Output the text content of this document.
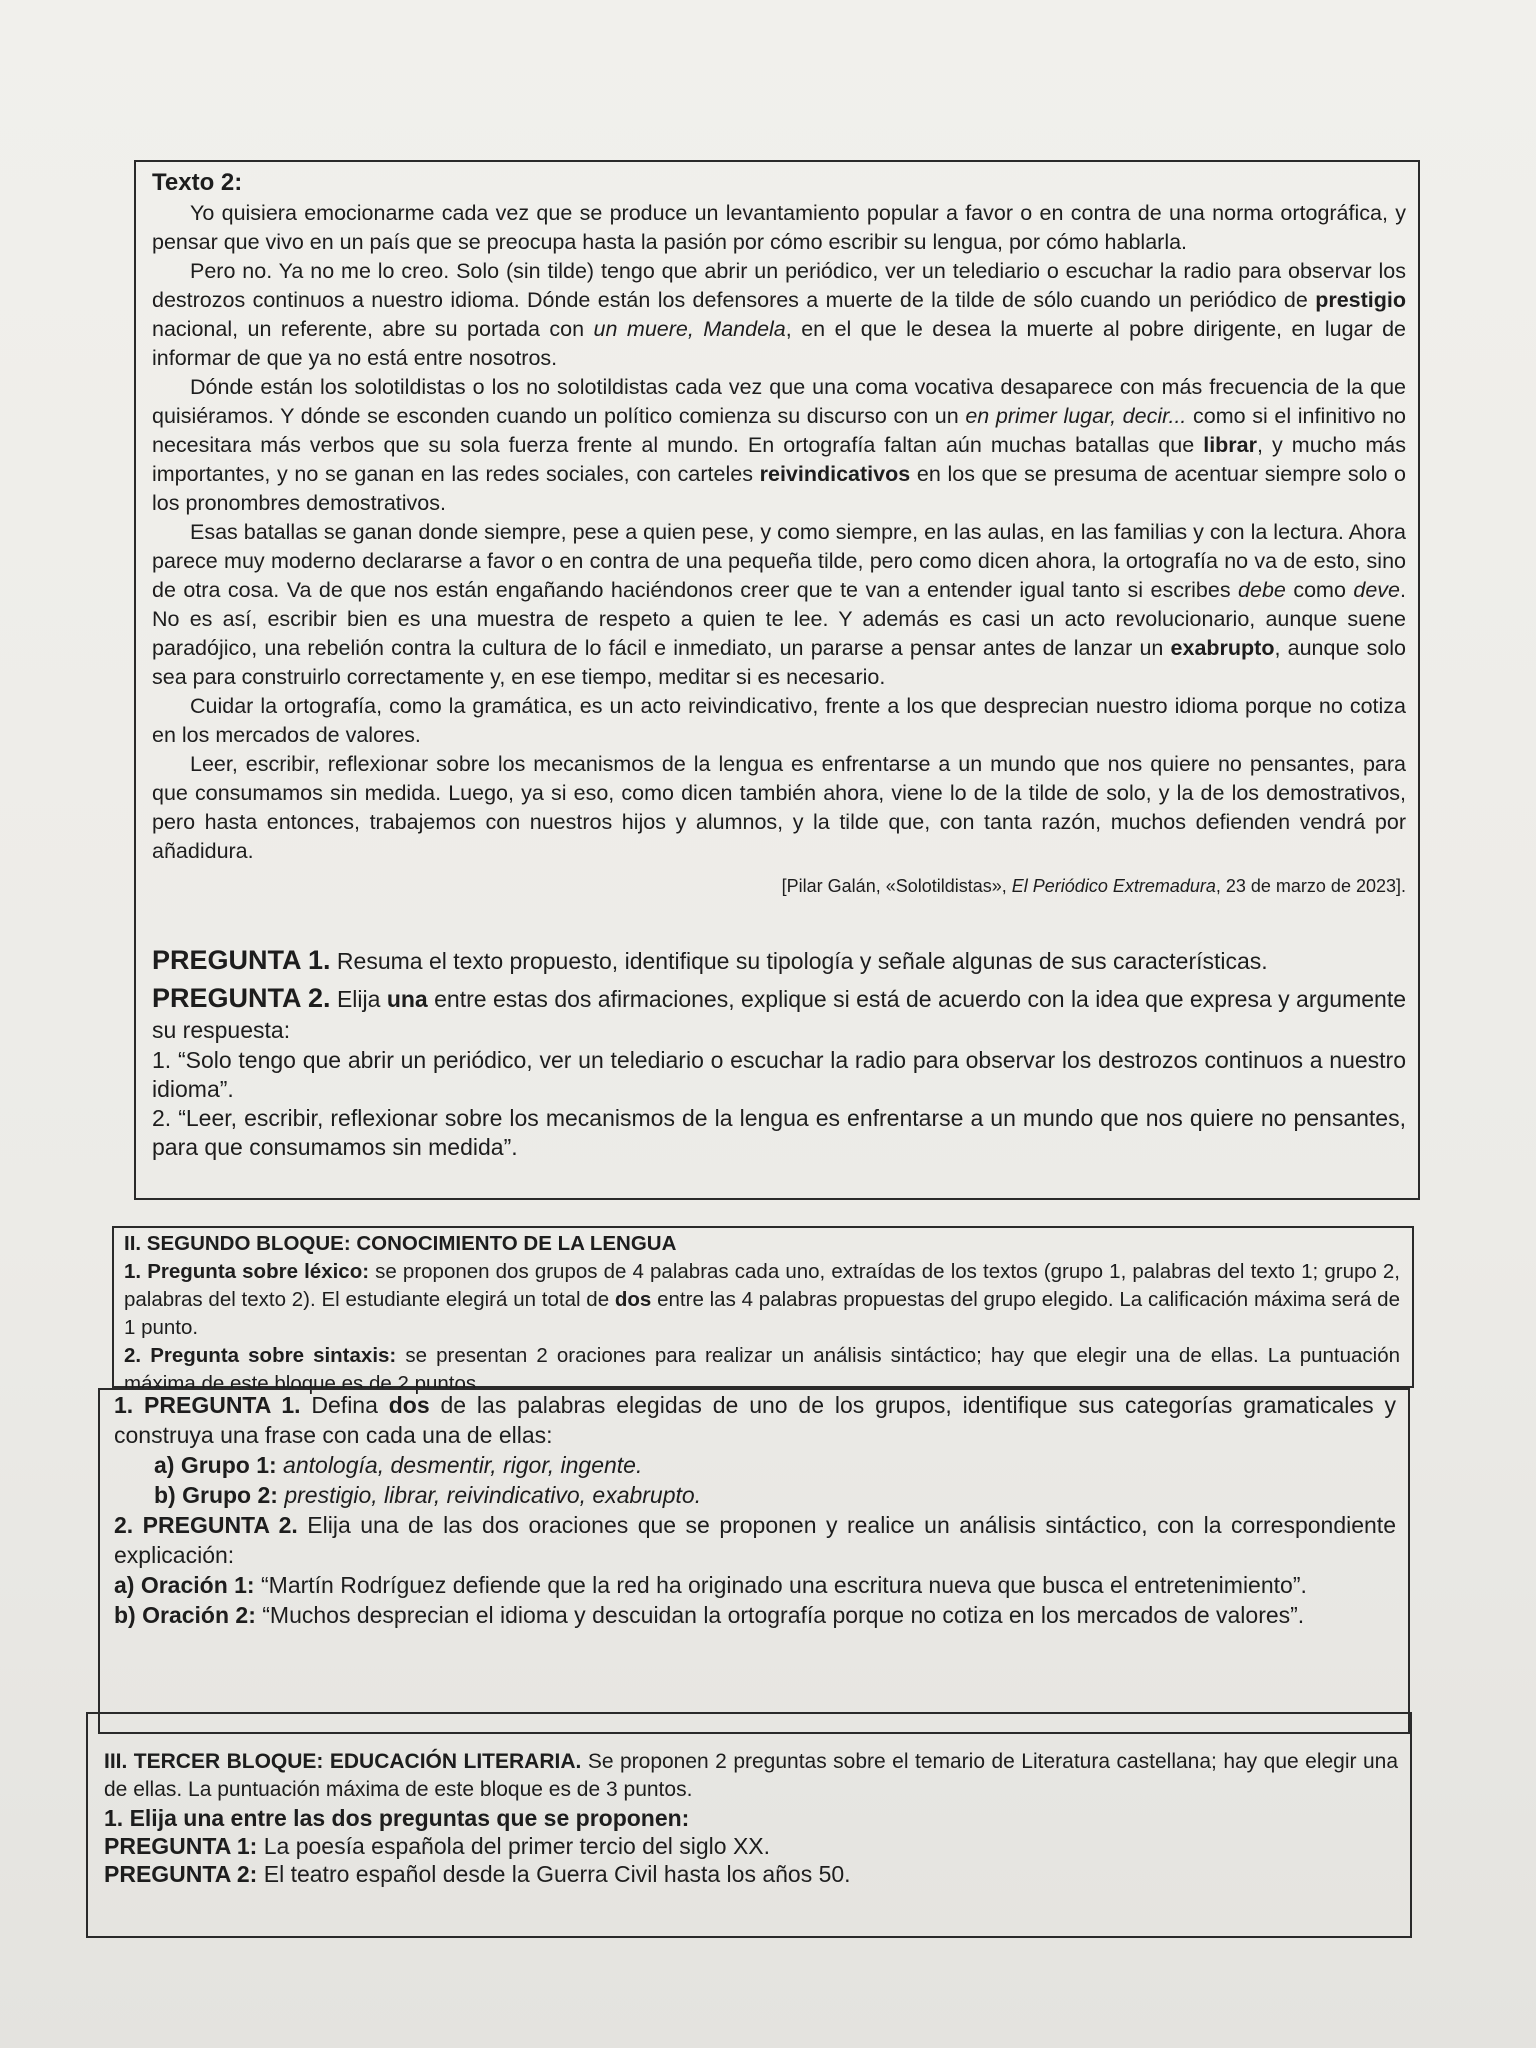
Texto 2:

Yo quisiera emocionarme cada vez que se produce un levantamiento popular a favor o en contra de una norma ortográfica, y pensar que vivo en un país que se preocupa hasta la pasión por cómo escribir su lengua, por cómo hablarla.

Pero no. Ya no me lo creo. Solo (sin tilde) tengo que abrir un periódico, ver un telediario o escuchar la radio para observar los destrozos continuos a nuestro idioma. Dónde están los defensores a muerte de la tilde de sólo cuando un periódico de prestigio nacional, un referente, abre su portada con un muere, Mandela, en el que le desea la muerte al pobre dirigente, en lugar de informar de que ya no está entre nosotros.

Dónde están los solotildistas o los no solotildistas cada vez que una coma vocativa desaparece con más frecuencia de la que quisiéramos. Y dónde se esconden cuando un político comienza su discurso con un en primer lugar, decir... como si el infinitivo no necesitara más verbos que su sola fuerza frente al mundo. En ortografía faltan aún muchas batallas que librar, y mucho más importantes, y no se ganan en las redes sociales, con carteles reivindicativos en los que se presuma de acentuar siempre solo o los pronombres demostrativos.

Esas batallas se ganan donde siempre, pese a quien pese, y como siempre, en las aulas, en las familias y con la lectura. Ahora parece muy moderno declararse a favor o en contra de una pequeña tilde, pero como dicen ahora, la ortografía no va de esto, sino de otra cosa. Va de que nos están engañando haciéndonos creer que te van a entender igual tanto si escribes debe como deve. No es así, escribir bien es una muestra de respeto a quien te lee. Y además es casi un acto revolucionario, aunque suene paradójico, una rebelión contra la cultura de lo fácil e inmediato, un pararse a pensar antes de lanzar un exabrupto, aunque solo sea para construirlo correctamente y, en ese tiempo, meditar si es necesario.

Cuidar la ortografía, como la gramática, es un acto reivindicativo, frente a los que desprecian nuestro idioma porque no cotiza en los mercados de valores.

Leer, escribir, reflexionar sobre los mecanismos de la lengua es enfrentarse a un mundo que nos quiere no pensantes, para que consumamos sin medida. Luego, ya si eso, como dicen también ahora, viene lo de la tilde de solo, y la de los demostrativos, pero hasta entonces, trabajemos con nuestros hijos y alumnos, y la tilde que, con tanta razón, muchos defienden vendrá por añadidura.

[Pilar Galán, «Solotildistas», El Periódico Extremadura, 23 de marzo de 2023].

PREGUNTA 1. Resuma el texto propuesto, identifique su tipología y señale algunas de sus características.

PREGUNTA 2. Elija una entre estas dos afirmaciones, explique si está de acuerdo con la idea que expresa y argumente su respuesta:

1. “Solo tengo que abrir un periódico, ver un telediario o escuchar la radio para observar los destrozos continuos a nuestro idioma”.

2. “Leer, escribir, reflexionar sobre los mecanismos de la lengua es enfrentarse a un mundo que nos quiere no pensantes, para que consumamos sin medida”.

II. SEGUNDO BLOQUE: CONOCIMIENTO DE LA LENGUA

1. Pregunta sobre léxico: se proponen dos grupos de 4 palabras cada uno, extraídas de los textos (grupo 1, palabras del texto 1; grupo 2, palabras del texto 2). El estudiante elegirá un total de dos entre las 4 palabras propuestas del grupo elegido. La calificación máxima será de 1 punto.

2. Pregunta sobre sintaxis: se presentan 2 oraciones para realizar un análisis sintáctico; hay que elegir una de ellas. La puntuación máxima de este bloque es de 2 puntos.

1. PREGUNTA 1. Defina dos de las palabras elegidas de uno de los grupos, identifique sus categorías gramaticales y construya una frase con cada una de ellas:

a) Grupo 1: antología, desmentir, rigor, ingente.

b) Grupo 2: prestigio, librar, reivindicativo, exabrupto.

2. PREGUNTA 2. Elija una de las dos oraciones que se proponen y realice un análisis sintáctico, con la correspondiente explicación:

a) Oración 1: “Martín Rodríguez defiende que la red ha originado una escritura nueva que busca el entretenimiento”.

b) Oración 2: “Muchos desprecian el idioma y descuidan la ortografía porque no cotiza en los mercados de valores”.

III. TERCER BLOQUE: EDUCACIÓN LITERARIA. Se proponen 2 preguntas sobre el temario de Literatura castellana; hay que elegir una de ellas. La puntuación máxima de este bloque es de 3 puntos.

1. Elija una entre las dos preguntas que se proponen:

PREGUNTA 1: La poesía española del primer tercio del siglo XX.

PREGUNTA 2: El teatro español desde la Guerra Civil hasta los años 50.
